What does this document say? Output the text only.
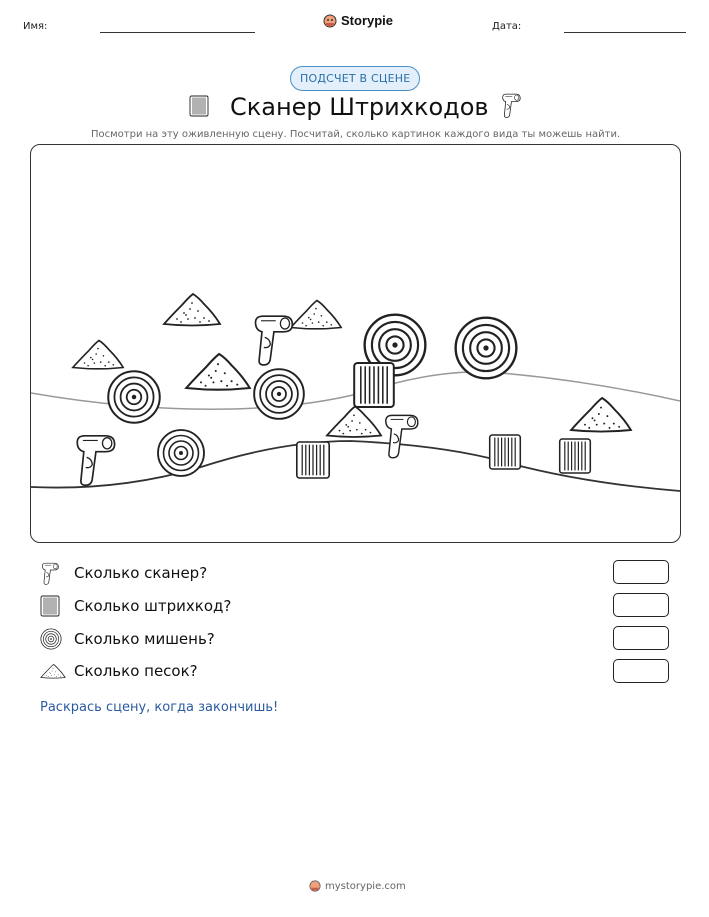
Имя:	Storypie	Дата:
ПОДСЧЕТ В СЦЕНЕ
Сканер Штрихкодов
Посмотри на эту оживленную сцену. Посчитай, сколько картинок каждого вида ты можешь найти.
Сколько сканер?
Сколько штрихкод?
Сколько мишень?
Сколько песок?
Раскрась сцену, когда закончишь!
mystorypie.com
